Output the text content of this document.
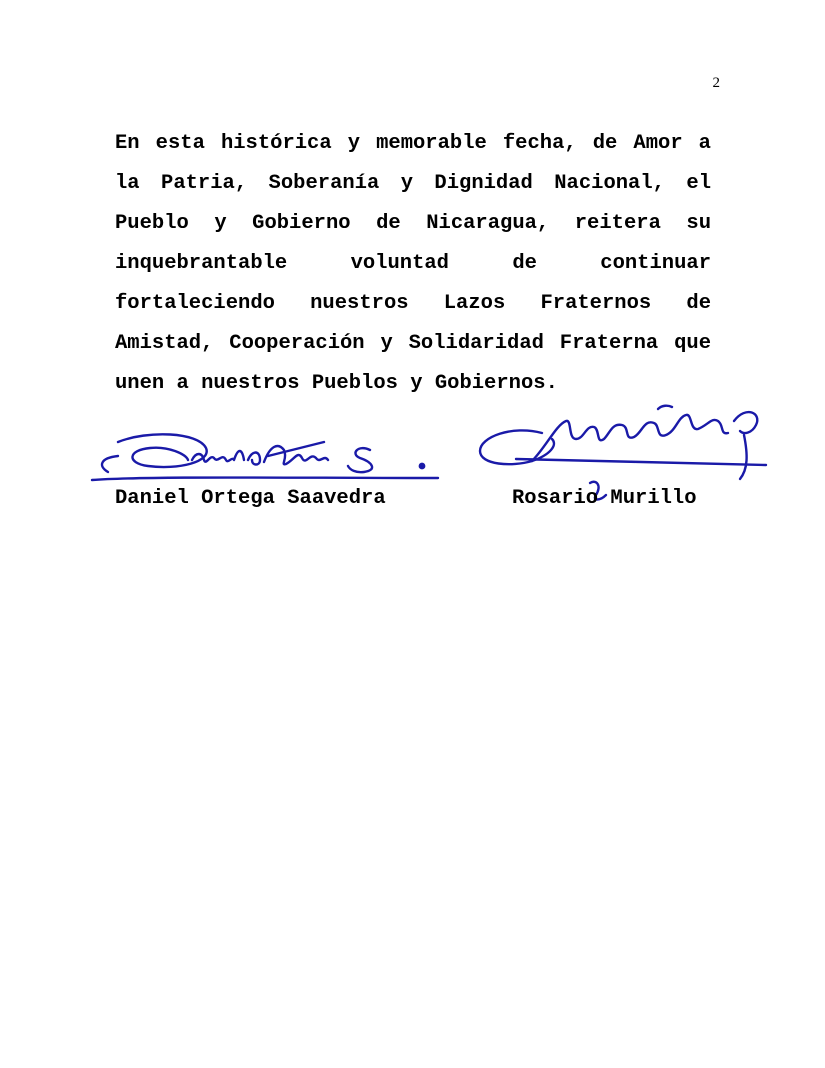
2

En esta histórica y memorable fecha, de Amor a la Patria, Soberanía y Dignidad Nacional, el Pueblo y Gobierno de Nicaragua, reitera su inquebrantable voluntad de continuar fortaleciendo nuestros Lazos Fraternos de Amistad, Cooperación y Solidaridad Fraterna que unen a nuestros Pueblos y Gobiernos.

Daniel Ortega Saavedra	Rosario Murillo
